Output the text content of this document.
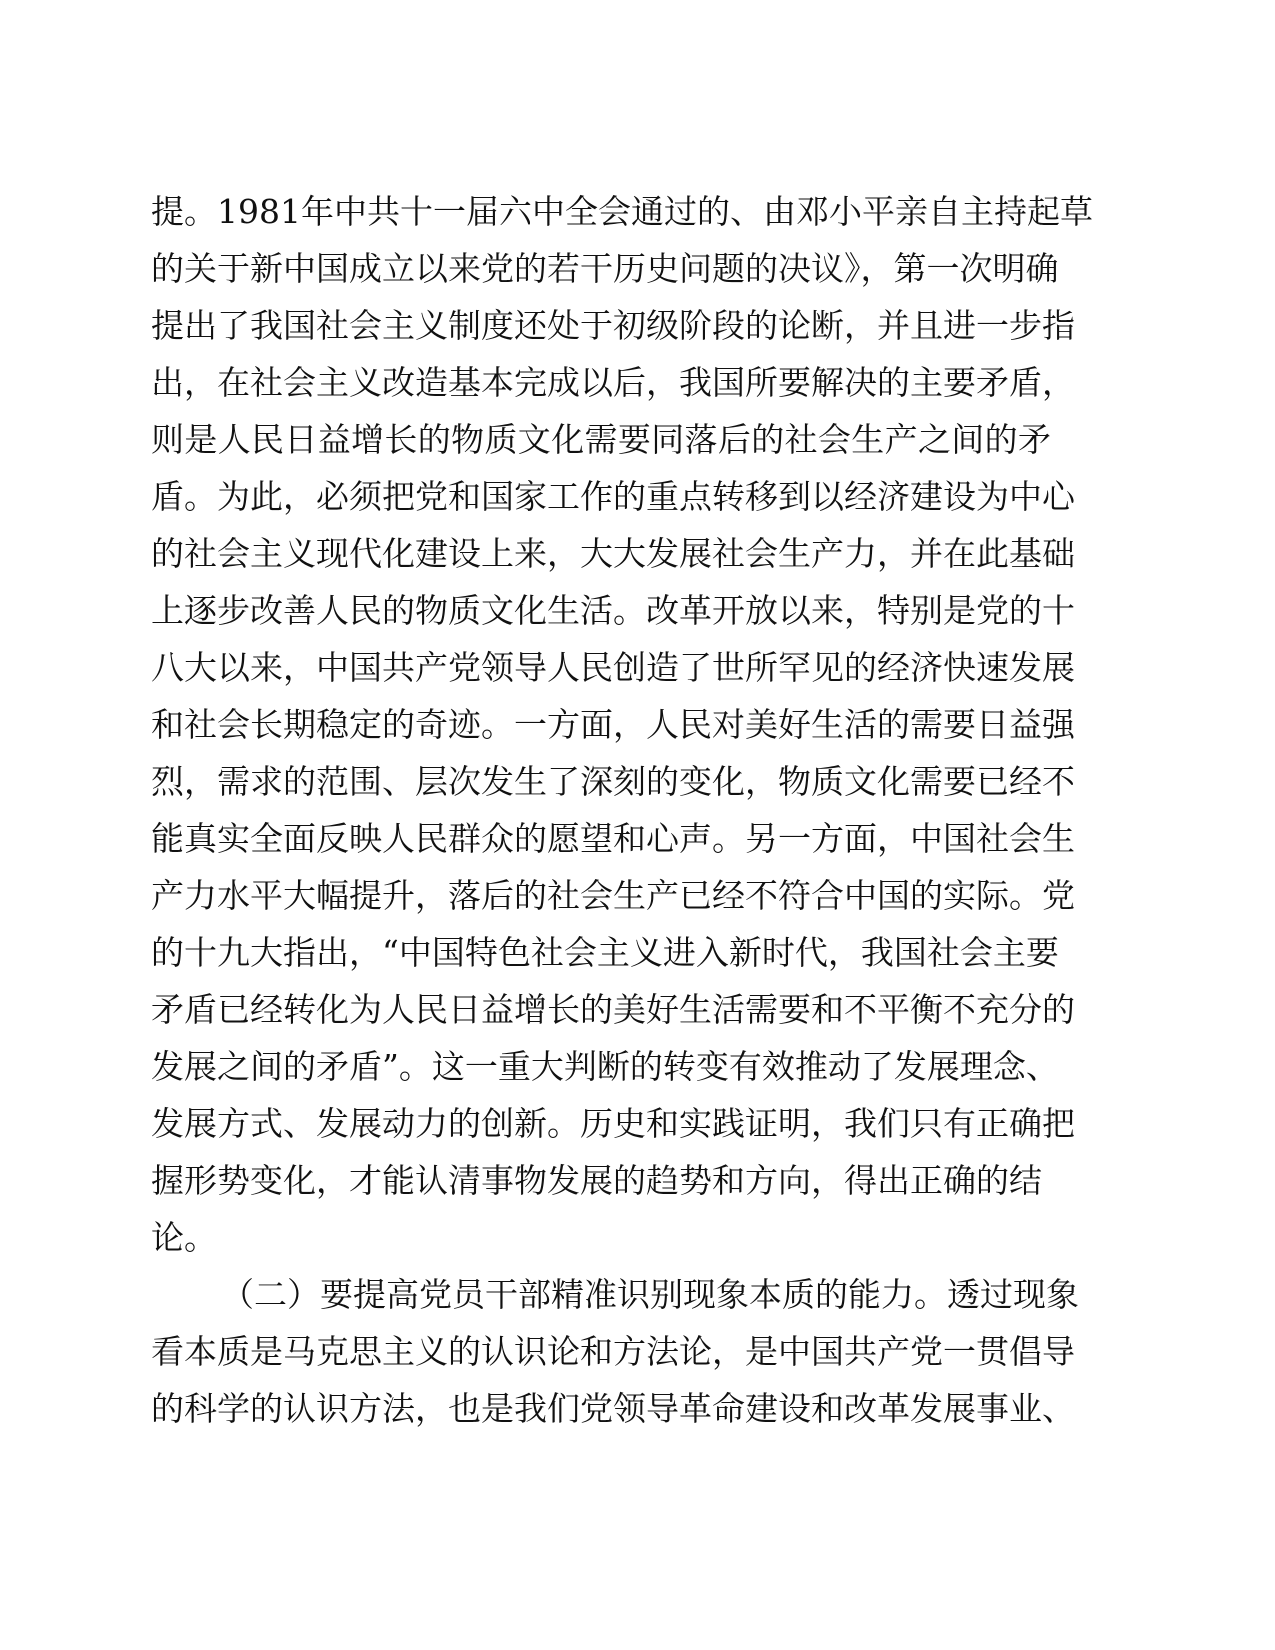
提。1981年中共十一届六中全会通过的、由邓小平亲自主持起草
的关于新中国成立以来党的若干历史问题的决议》，第一次明确
提出了我国社会主义制度还处于初级阶段的论断，并且进一步指
出，在社会主义改造基本完成以后，我国所要解决的主要矛盾，
则是人民日益增长的物质文化需要同落后的社会生产之间的矛
盾。为此，必须把党和国家工作的重点转移到以经济建设为中心
的社会主义现代化建设上来，大大发展社会生产力，并在此基础
上逐步改善人民的物质文化生活。改革开放以来，特别是党的十
八大以来，中国共产党领导人民创造了世所罕见的经济快速发展
和社会长期稳定的奇迹。一方面，人民对美好生活的需要日益强
烈，需求的范围、层次发生了深刻的变化，物质文化需要已经不
能真实全面反映人民群众的愿望和心声。另一方面，中国社会生
产力水平大幅提升，落后的社会生产已经不符合中国的实际。党
的十九大指出，“中国特色社会主义进入新时代，我国社会主要
矛盾已经转化为人民日益增长的美好生活需要和不平衡不充分的
发展之间的矛盾”。这一重大判断的转变有效推动了发展理念、
发展方式、发展动力的创新。历史和实践证明，我们只有正确把
握形势变化，才能认清事物发展的趋势和方向，得出正确的结
论。
（二）要提高党员干部精准识别现象本质的能力。透过现象
看本质是马克思主义的认识论和方法论，是中国共产党一贯倡导
的科学的认识方法，也是我们党领导革命建设和改革发展事业、
